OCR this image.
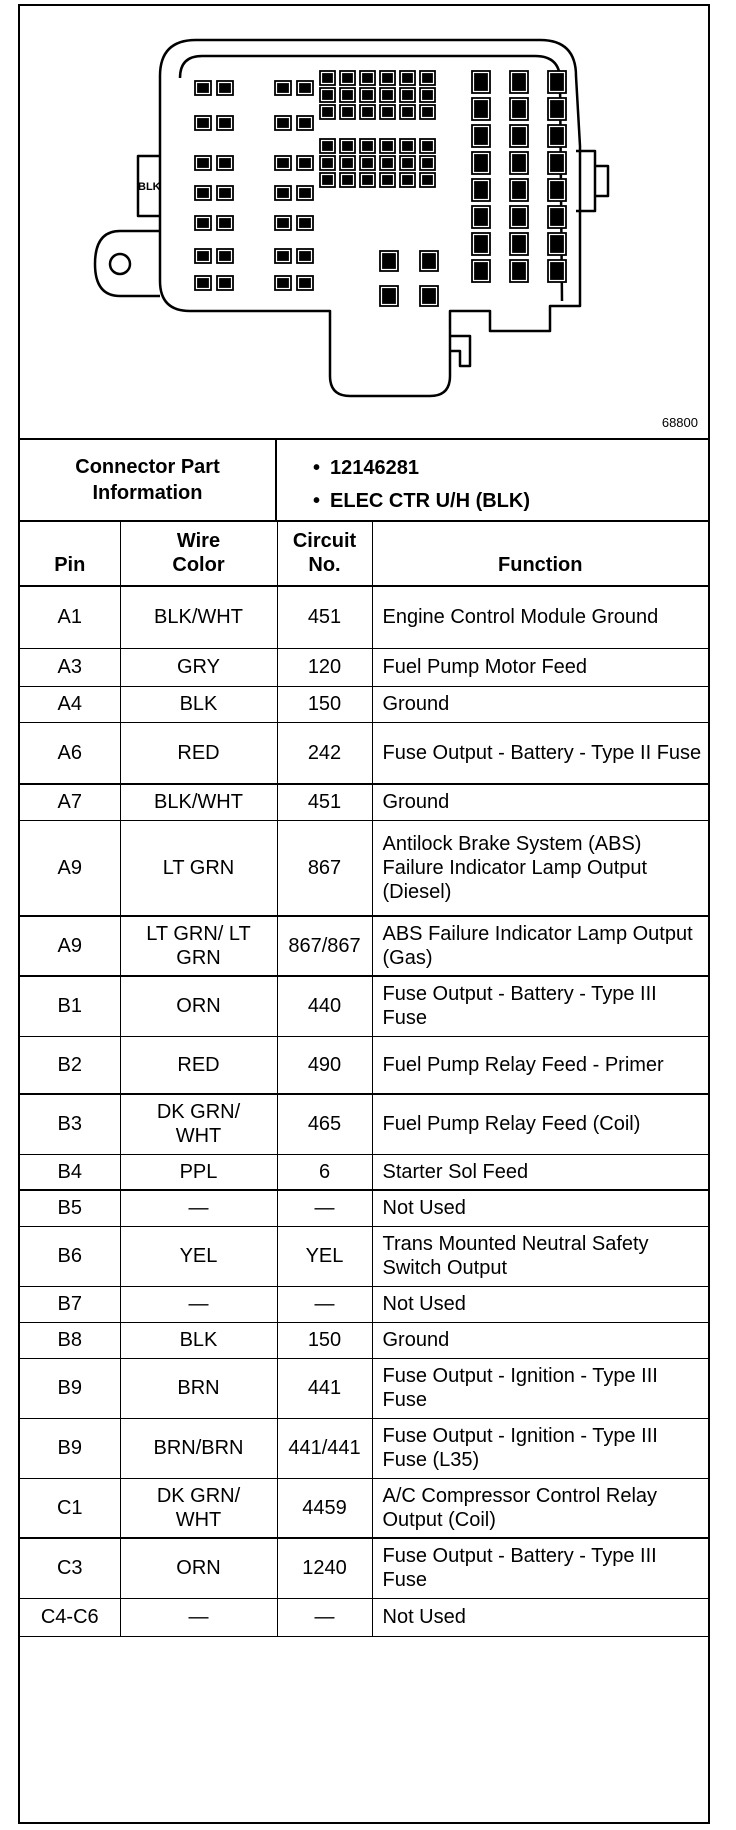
BLK
68800
Connector Part Information
• 12146281
• ELEC CTR U/H (BLK)
Pin	Wire Color	Circuit No.	Function
A1	BLK/WHT	451	Engine Control Module Ground
A3	GRY	120	Fuel Pump Motor Feed
A4	BLK	150	Ground
A6	RED	242	Fuse Output - Battery - Type II Fuse
A7	BLK/WHT	451	Ground
A9	LT GRN	867	Antilock Brake System (ABS) Failure Indicator Lamp Output (Diesel)
A9	LT GRN/ LT GRN	867/867	ABS Failure Indicator Lamp Output (Gas)
B1	ORN	440	Fuse Output - Battery - Type III Fuse
B2	RED	490	Fuel Pump Relay Feed - Primer
B3	DK GRN/ WHT	465	Fuel Pump Relay Feed (Coil)
B4	PPL	6	Starter Sol Feed
B5	—	—	Not Used
B6	YEL	YEL	Trans Mounted Neutral Safety Switch Output
B7	—	—	Not Used
B8	BLK	150	Ground
B9	BRN	441	Fuse Output - Ignition - Type III Fuse
B9	BRN/BRN	441/441	Fuse Output - Ignition - Type III Fuse (L35)
C1	DK GRN/ WHT	4459	A/C Compressor Control Relay Output (Coil)
C3	ORN	1240	Fuse Output - Battery - Type III Fuse
C4-C6	—	—	Not Used
